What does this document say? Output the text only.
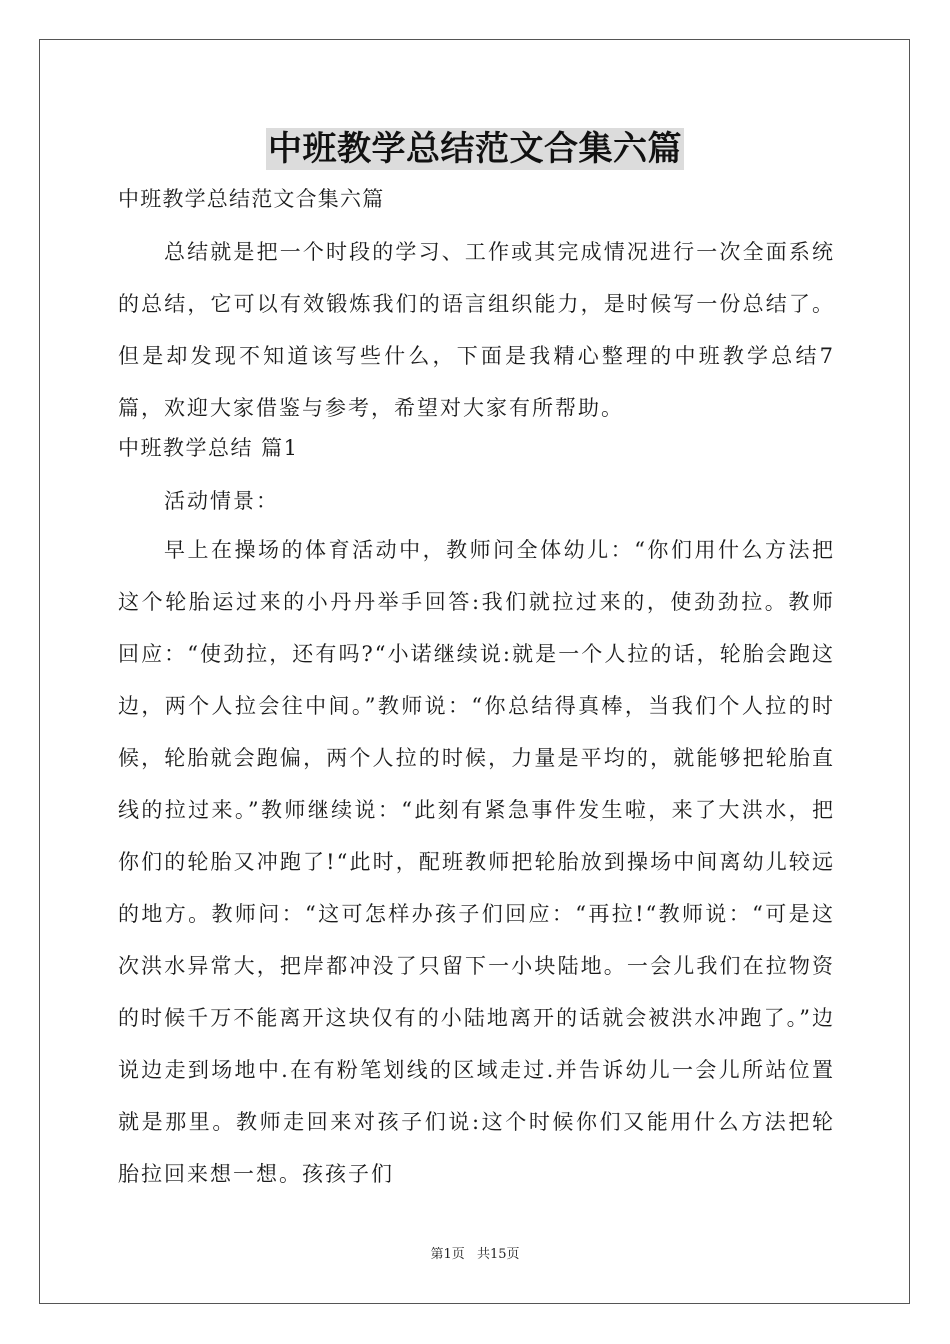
中班教学总结范文合集六篇
中班教学总结范文合集六篇

总结就是把一个时段的学习、工作或其完成情况进行一次全面系统的总结，它可以有效锻炼我们的语言组织能力，是时候写一份总结了。但是却发现不知道该写些什么，下面是我精心整理的中班教学总结7篇，欢迎大家借鉴与参考，希望对大家有所帮助。

中班教学总结 篇1

活动情景：

早上在操场的体育活动中，教师问全体幼儿：“你们用什么方法把这个轮胎运过来的小丹丹举手回答:我们就拉过来的，使劲劲拉。教师回应：“使劲拉，还有吗?“小诺继续说:就是一个人拉的话，轮胎会跑这边，两个人拉会往中间。”教师说：“你总结得真棒，当我们个人拉的时候，轮胎就会跑偏，两个人拉的时候，力量是平均的，就能够把轮胎直线的拉过来。”教师继续说：“此刻有紧急事件发生啦，来了大洪水，把你们的轮胎又冲跑了!“此时，配班教师把轮胎放到操场中间离幼儿较远的地方。教师问：“这可怎样办孩子们回应：“再拉!“教师说：“可是这次洪水异常大，把岸都冲没了只留下一小块陆地。一会儿我们在拉物资的时候千万不能离开这块仅有的小陆地离开的话就会被洪水冲跑了。”边说边走到场地中.在有粉笔划线的区域走过.并告诉幼儿一会儿所站位置就是那里。教师走回来对孩子们说:这个时候你们又能用什么方法把轮胎拉回来想一想。孩孩子们

第1页 共15页
